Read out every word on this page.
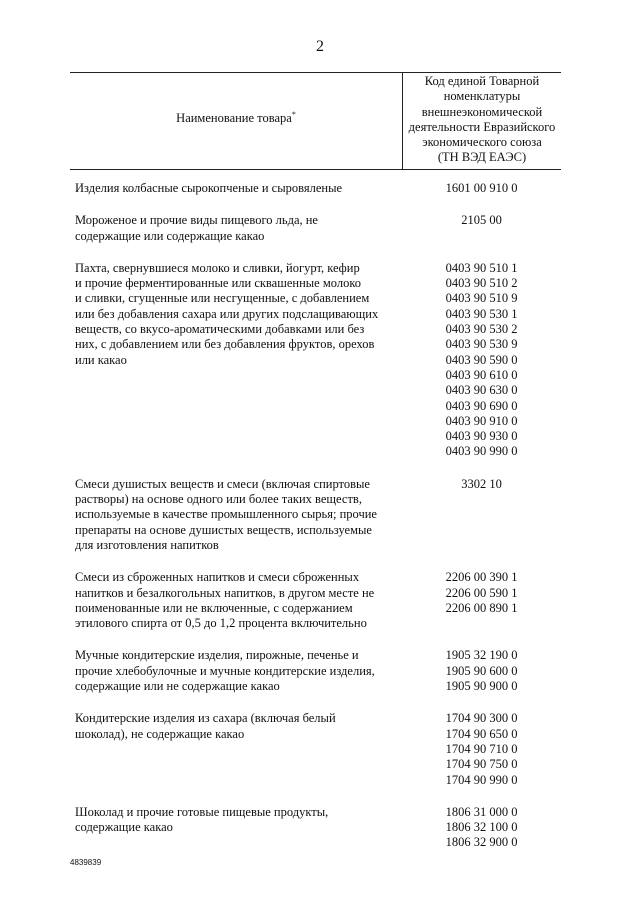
2
Наименование товара*
Код единой Товарной
номенклатуры
внешнеэкономической
деятельности Евразийского
экономического союза
(ТН ВЭД ЕАЭС)
Изделия колбасные сырокопченые и сыровяленые	1601 00 910 0
Мороженое и прочие виды пищевого льда, не
содержащие или содержащие какао
2105 00
Пахта, свернувшиеся молоко и сливки, йогурт, кефир
и прочие ферментированные или сквашенные молоко
и сливки, сгущенные или несгущенные, с добавлением
или без добавления сахара или других подслащивающих
веществ, со вкусо-ароматическими добавками или без
них, с добавлением или без добавления фруктов, орехов
или какао
0403 90 510 1
0403 90 510 2
0403 90 510 9
0403 90 530 1
0403 90 530 2
0403 90 530 9
0403 90 590 0
0403 90 610 0
0403 90 630 0
0403 90 690 0
0403 90 910 0
0403 90 930 0
0403 90 990 0
Смеси душистых веществ и смеси (включая спиртовые
растворы) на основе одного или более таких веществ,
используемые в качестве промышленного сырья; прочие
препараты на основе душистых веществ, используемые
для изготовления напитков
3302 10
Смеси из сброженных напитков и смеси сброженных
напитков и безалкогольных напитков, в другом месте не
поименованные или не включенные, с содержанием
этилового спирта от 0,5 до 1,2 процента включительно
2206 00 390 1
2206 00 590 1
2206 00 890 1
Мучные кондитерские изделия, пирожные, печенье и
прочие хлебобулочные и мучные кондитерские изделия,
содержащие или не содержащие какао
1905 32 190 0
1905 90 600 0
1905 90 900 0
Кондитерские изделия из сахара (включая белый
шоколад), не содержащие какао
1704 90 300 0
1704 90 650 0
1704 90 710 0
1704 90 750 0
1704 90 990 0
Шоколад и прочие готовые пищевые продукты,
содержащие какао
1806 31 000 0
1806 32 100 0
1806 32 900 0
4839839
